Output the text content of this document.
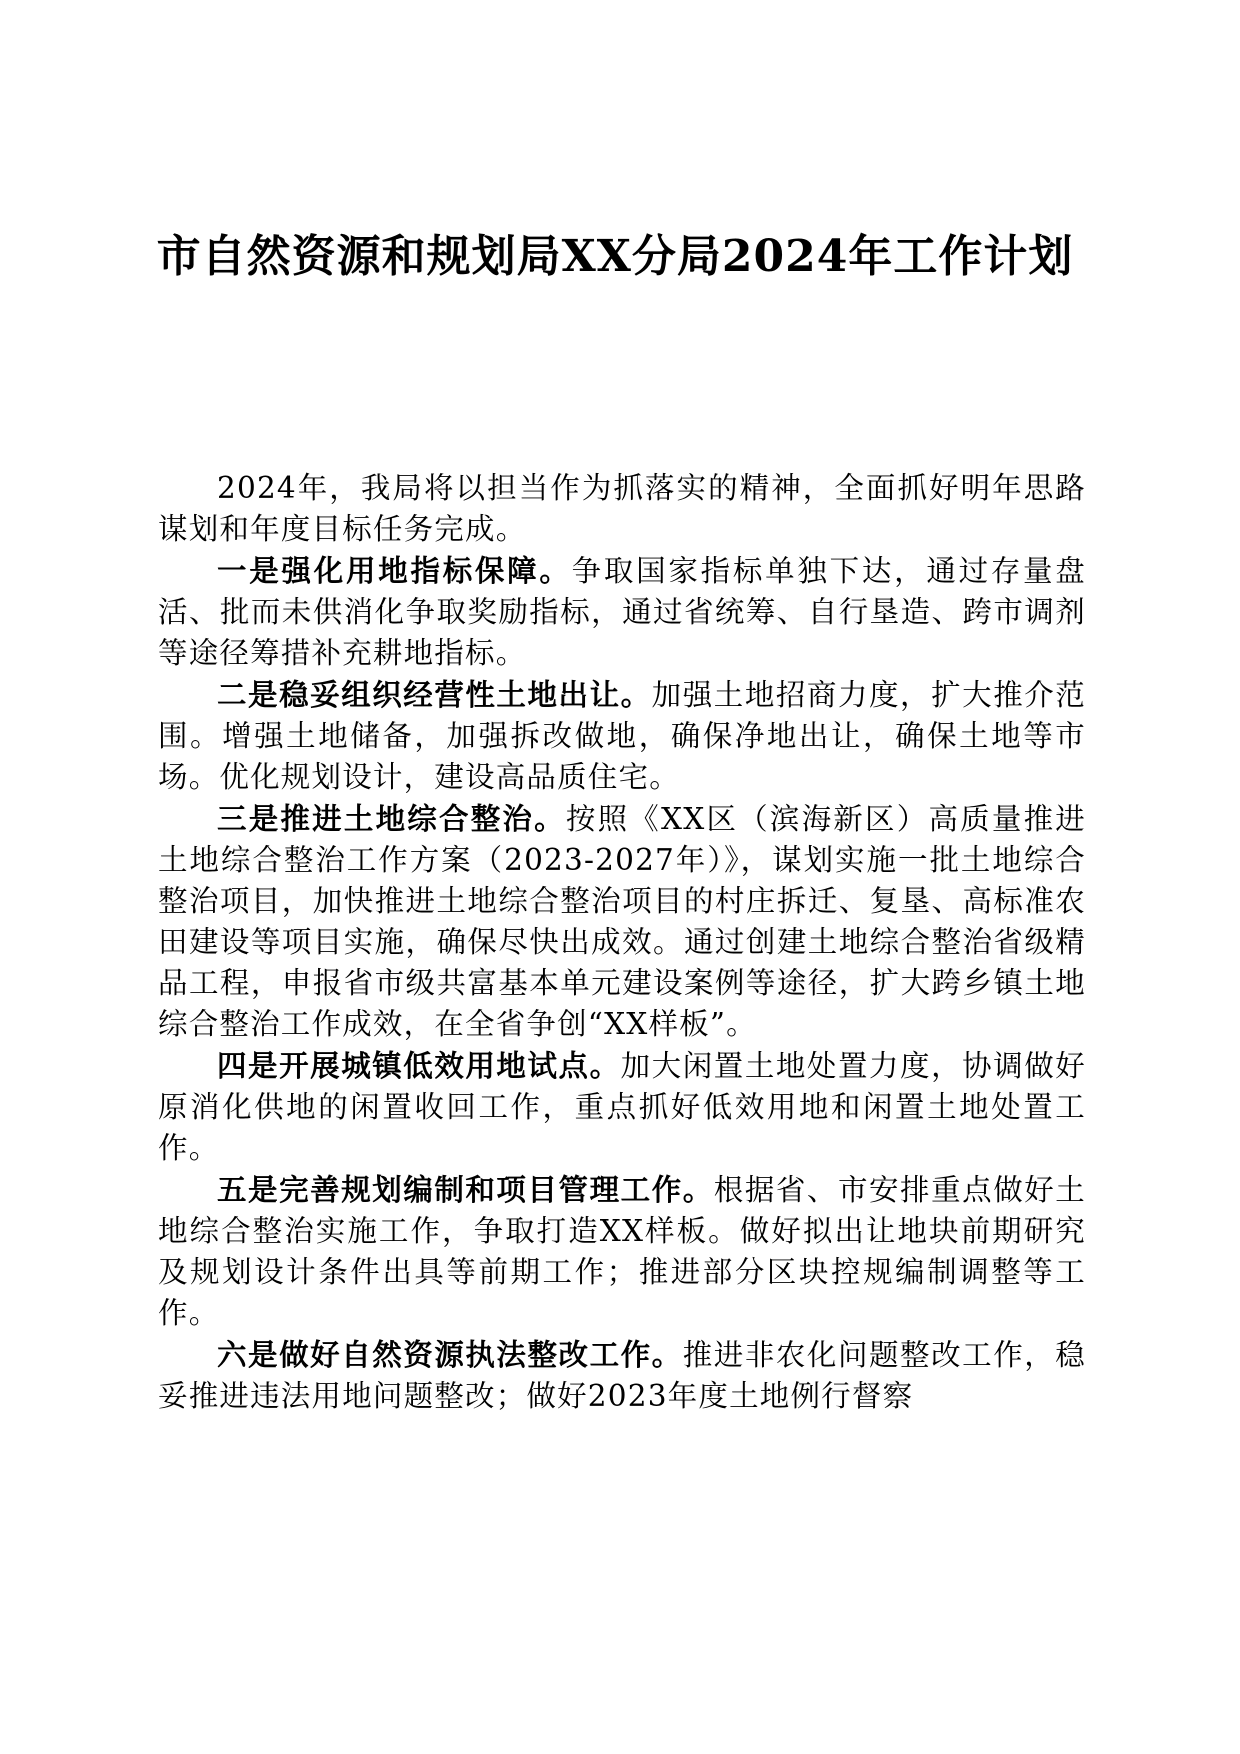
市自然资源和规划局XX分局2024年工作计划

2024年，我局将以担当作为抓落实的精神，全面抓好明年思路谋划和年度目标任务完成。

一是强化用地指标保障。争取国家指标单独下达，通过存量盘活、批而未供消化争取奖励指标，通过省统筹、自行垦造、跨市调剂等途径筹措补充耕地指标。

二是稳妥组织经营性土地出让。加强土地招商力度，扩大推介范围。增强土地储备，加强拆改做地，确保净地出让，确保土地等市场。优化规划设计，建设高品质住宅。

三是推进土地综合整治。按照《XX区（滨海新区）高质量推进土地综合整治工作方案（2023-2027年）》，谋划实施一批土地综合整治项目，加快推进土地综合整治项目的村庄拆迁、复垦、高标准农田建设等项目实施，确保尽快出成效。通过创建土地综合整治省级精品工程，申报省市级共富基本单元建设案例等途径，扩大跨乡镇土地综合整治工作成效，在全省争创“XX样板”。

四是开展城镇低效用地试点。加大闲置土地处置力度，协调做好原消化供地的闲置收回工作，重点抓好低效用地和闲置土地处置工作。

五是完善规划编制和项目管理工作。根据省、市安排重点做好土地综合整治实施工作，争取打造XX样板。做好拟出让地块前期研究及规划设计条件出具等前期工作；推进部分区块控规编制调整等工作。

六是做好自然资源执法整改工作。推进非农化问题整改工作，稳妥推进违法用地问题整改；做好2023年度土地例行督察
